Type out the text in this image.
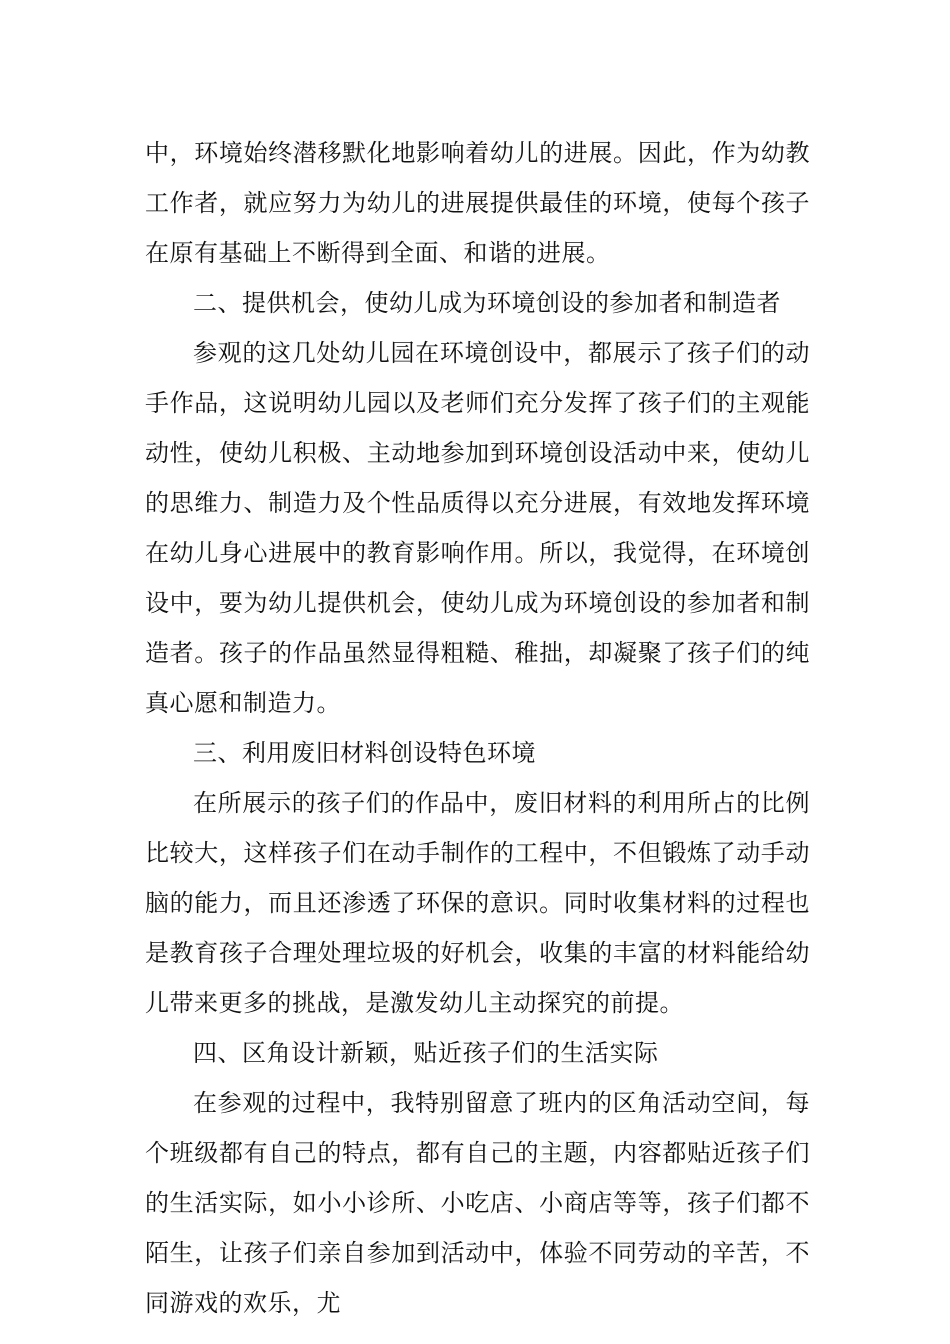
中，环境始终潜移默化地影响着幼儿的进展。因此，作为幼教工作者，就应努力为幼儿的进展提供最佳的环境，使每个孩子在原有基础上不断得到全面、和谐的进展。

二、提供机会，使幼儿成为环境创设的参加者和制造者

参观的这几处幼儿园在环境创设中，都展示了孩子们的动手作品，这说明幼儿园以及老师们充分发挥了孩子们的主观能动性，使幼儿积极、主动地参加到环境创设活动中来，使幼儿的思维力、制造力及个性品质得以充分进展，有效地发挥环境在幼儿身心进展中的教育影响作用。所以，我觉得，在环境创设中，要为幼儿提供机会，使幼儿成为环境创设的参加者和制造者。孩子的作品虽然显得粗糙、稚拙，却凝聚了孩子们的纯真心愿和制造力。

三、利用废旧材料创设特色环境

在所展示的孩子们的作品中，废旧材料的利用所占的比例比较大，这样孩子们在动手制作的工程中，不但锻炼了动手动脑的能力，而且还渗透了环保的意识。同时收集材料的过程也是教育孩子合理处理垃圾的好机会，收集的丰富的材料能给幼儿带来更多的挑战，是激发幼儿主动探究的前提。

四、区角设计新颖，贴近孩子们的生活实际

在参观的过程中，我特别留意了班内的区角活动空间，每个班级都有自己的特点，都有自己的主题，内容都贴近孩子们的生活实际，如小小诊所、小吃店、小商店等等，孩子们都不陌生，让孩子们亲自参加到活动中，体验不同劳动的辛苦，不同游戏的欢乐，尤
